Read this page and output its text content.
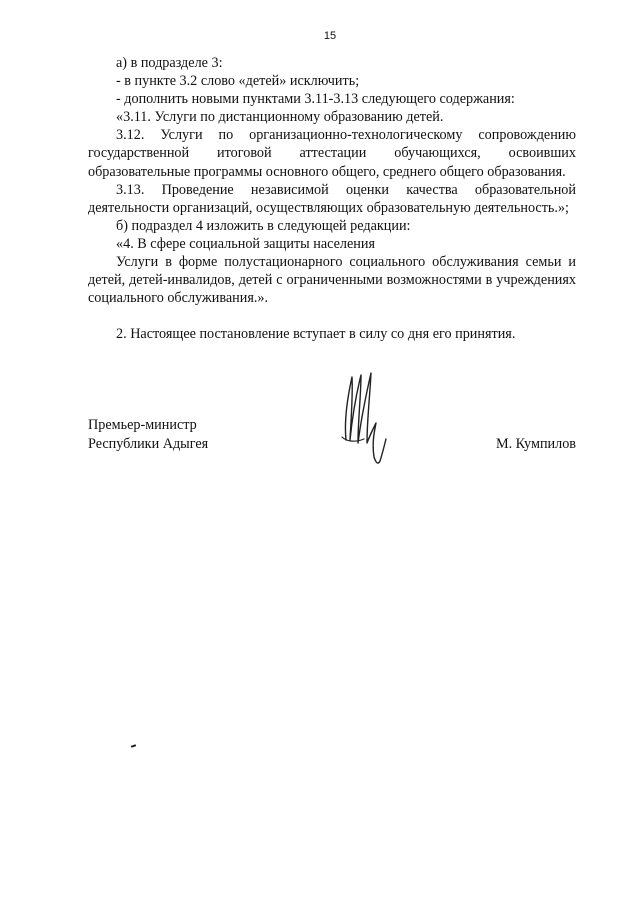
15

а) в подразделе 3:

- в пункте 3.2 слово «детей» исключить;

- дополнить новыми пунктами 3.11-3.13 следующего содержания:

«3.11. Услуги по дистанционному образованию детей.

3.12. Услуги по организационно-технологическому сопровождению государственной итоговой аттестации обучающихся, освоивших образовательные программы основного общего, среднего общего образования.

3.13. Проведение независимой оценки качества образовательной деятельности организаций, осуществляющих образовательную деятельность.»;

б) подраздел 4 изложить в следующей редакции:

«4. В сфере социальной защиты населения

Услуги в форме полустационарного социального обслуживания семьи и детей, детей-инвалидов, детей с ограниченными возможностями в учреждениях социального обслуживания.».

2. Настоящее постановление вступает в силу со дня его принятия.

Премьер-министр
Республики Адыгея	М. Кумпилов
